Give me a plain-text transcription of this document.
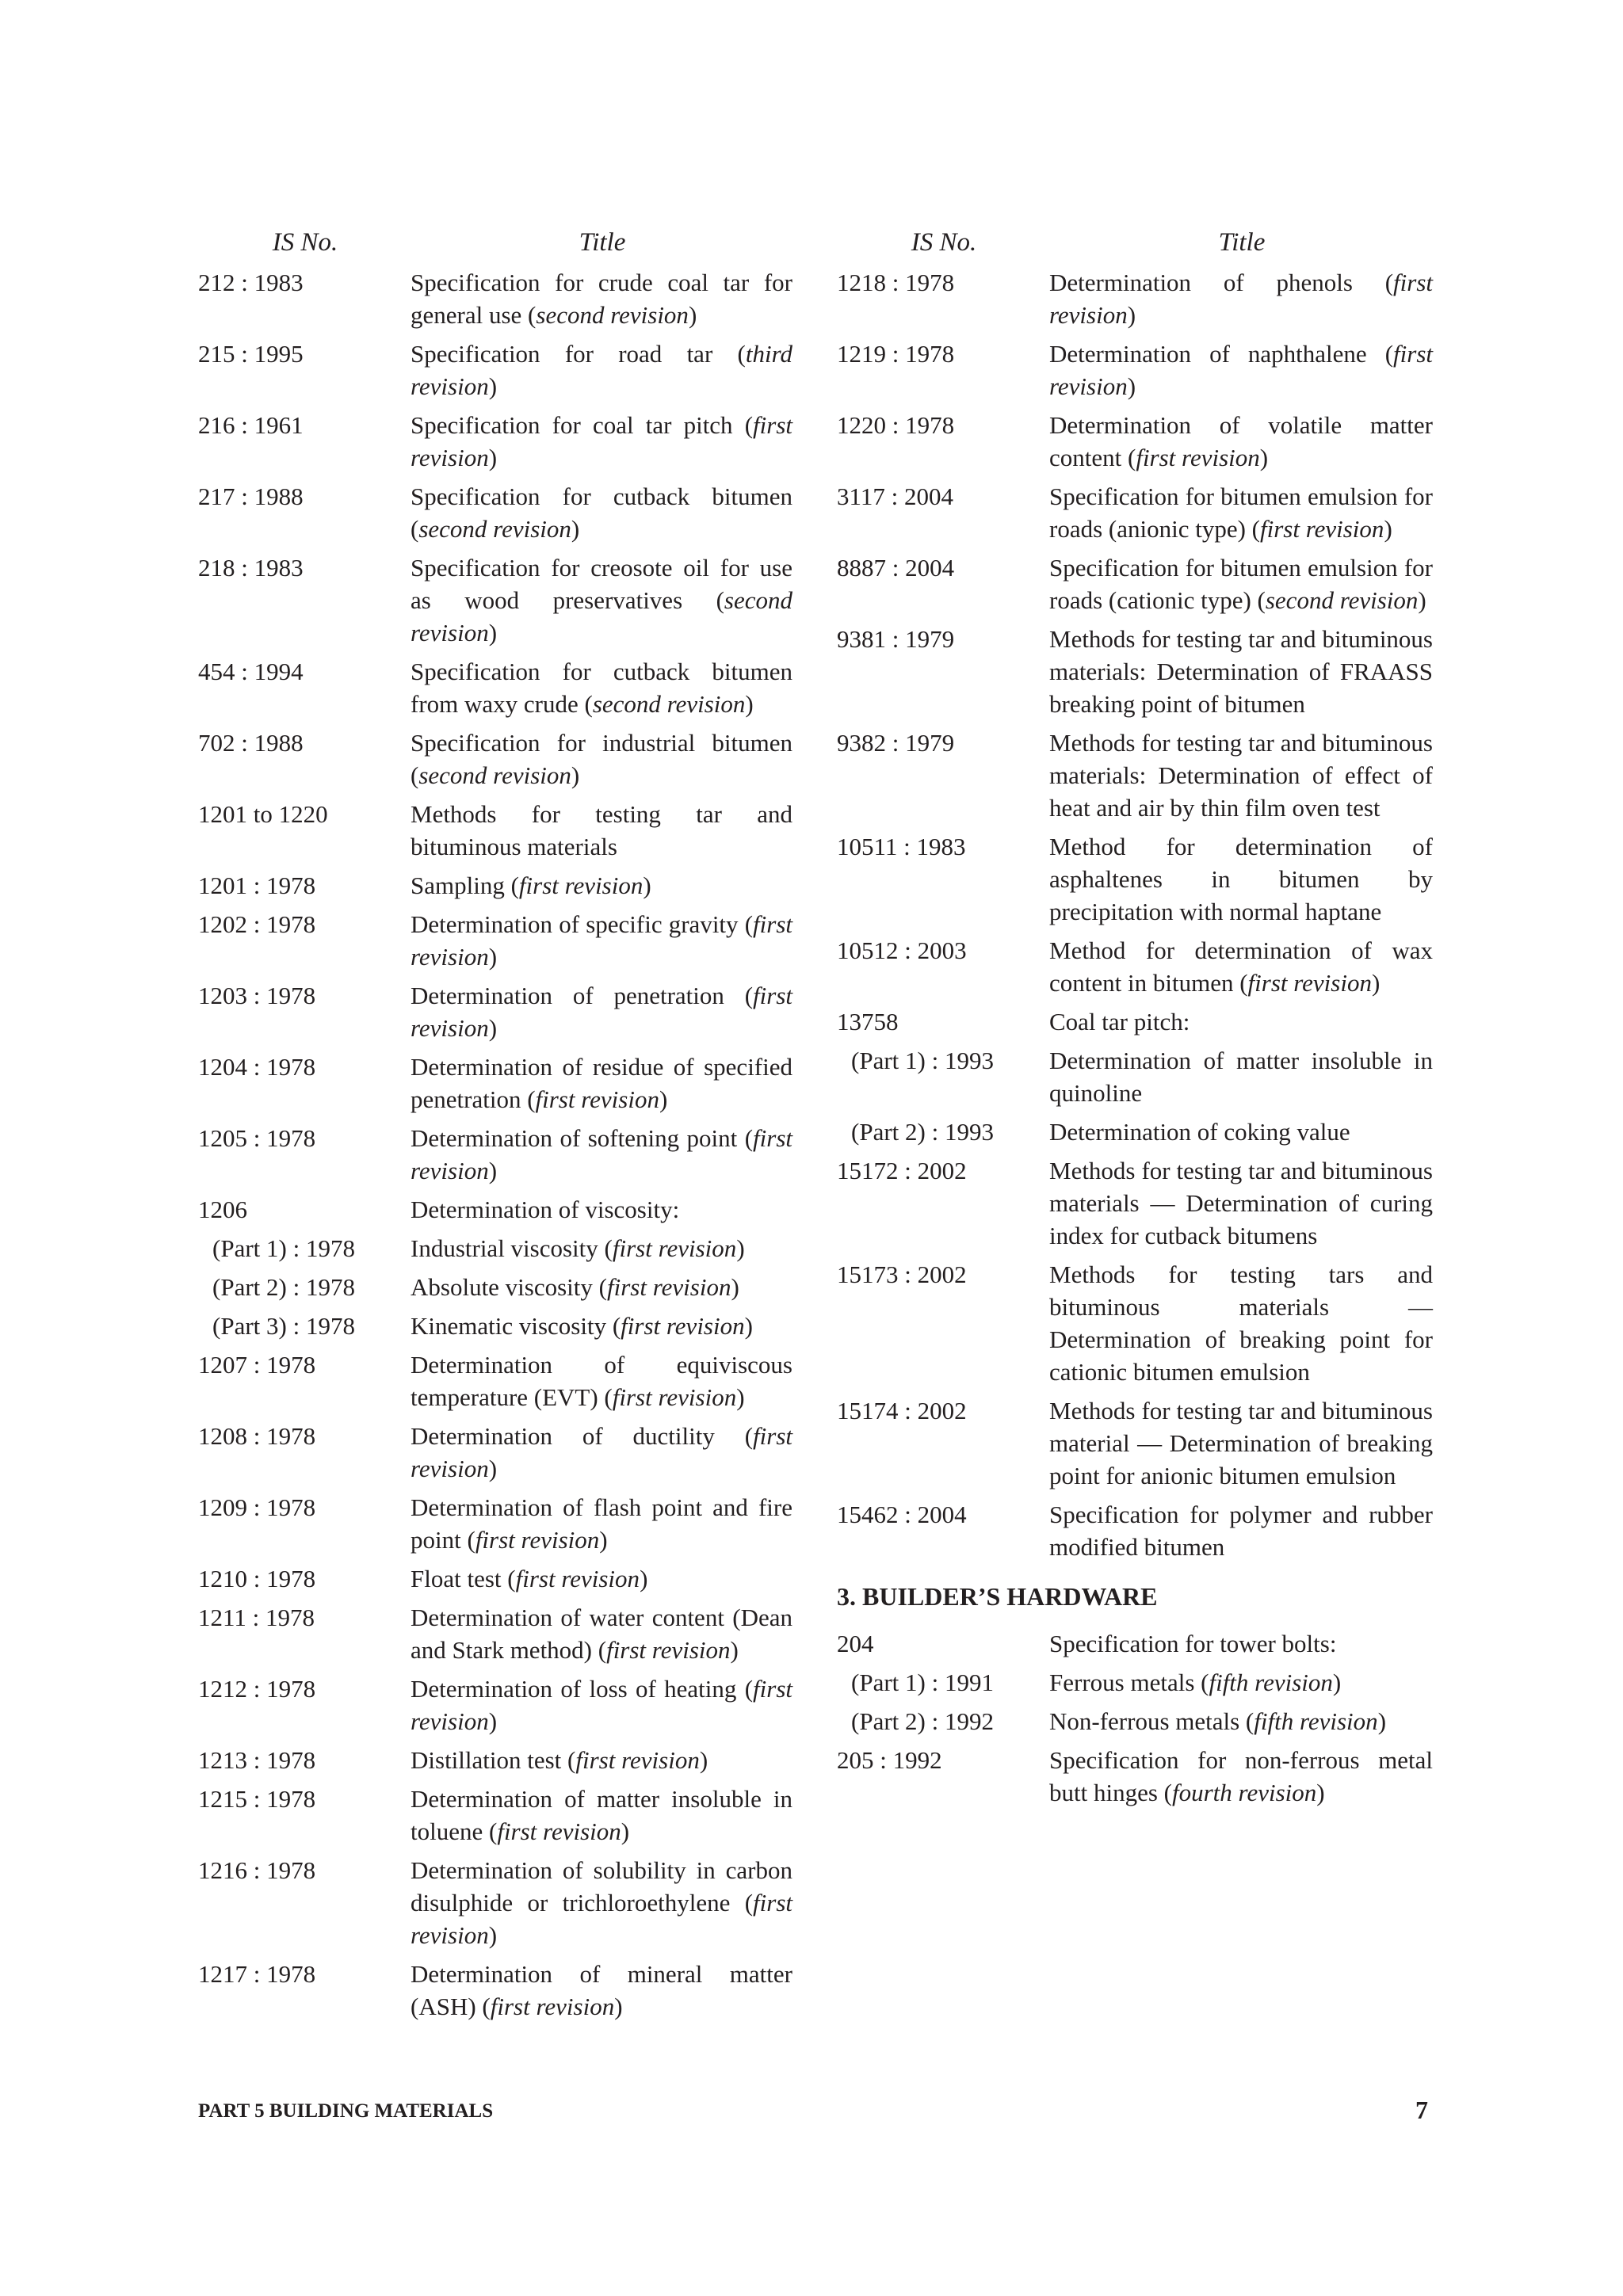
IS No.	Title
212 : 1983	Specification for crude coal tar for general use (second revision)
215 : 1995	Specification for road tar (third revision)
216 : 1961	Specification for coal tar pitch (first revision)
217 : 1988	Specification for cutback bitumen (second revision)
218 : 1983	Specification for creosote oil for use as wood preservatives (second revision)
454 : 1994	Specification for cutback bitumen from waxy crude (second revision)
702 : 1988	Specification for industrial bitumen (second revision)
1201 to 1220	Methods for testing tar and bituminous materials
1201 : 1978	Sampling (first revision)
1202 : 1978	Determination of specific gravity (first revision)
1203 : 1978	Determination of penetration (first revision)
1204 : 1978	Determination of residue of specified penetration (first revision)
1205 : 1978	Determination of softening point (first revision)
1206	Determination of viscosity:
(Part 1) : 1978	Industrial viscosity (first revision)
(Part 2) : 1978	Absolute viscosity (first revision)
(Part 3) : 1978	Kinematic viscosity (first revision)
1207 : 1978	Determination of equiviscous temperature (EVT) (first revision)
1208 : 1978	Determination of ductility (first revision)
1209 : 1978	Determination of flash point and fire point (first revision)
1210 : 1978	Float test (first revision)
1211 : 1978	Determination of water content (Dean and Stark method) (first revision)
1212 : 1978	Determination of loss of heating (first revision)
1213 : 1978	Distillation test (first revision)
1215 : 1978	Determination of matter insoluble in toluene (first revision)
1216 : 1978	Determination of solubility in carbon disulphide or trichloroethylene (first revision)
1217 : 1978	Determination of mineral matter (ASH) (first revision)
IS No.	Title
1218 : 1978	Determination of phenols (first revision)
1219 : 1978	Determination of naphthalene (first revision)
1220 : 1978	Determination of volatile matter content (first revision)
3117 : 2004	Specification for bitumen emulsion for roads (anionic type) (first revision)
8887 : 2004	Specification for bitumen emulsion for roads (cationic type) (second revision)
9381 : 1979	Methods for testing tar and bituminous materials: Determination of FRAASS breaking point of bitumen
9382 : 1979	Methods for testing tar and bituminous materials: Determination of effect of heat and air by thin film oven test
10511 : 1983	Method for determination of asphaltenes in bitumen by precipitation with normal haptane
10512 : 2003	Method for determination of wax content in bitumen (first revision)
13758	Coal tar pitch:
(Part 1) : 1993	Determination of matter insoluble in quinoline
(Part 2) : 1993	Determination of coking value
15172 : 2002	Methods for testing tar and bituminous materials — Determination of curing index for cutback bitumens
15173 : 2002	Methods for testing tars and bituminous materials — Determination of breaking point for cationic bitumen emulsion
15174 : 2002	Methods for testing tar and bituminous material — Determination of breaking point for anionic bitumen emulsion
15462 : 2004	Specification for polymer and rubber modified bitumen
3. BUILDER’S HARDWARE
204	Specification for tower bolts:
(Part 1) : 1991	Ferrous metals (fifth revision)
(Part 2) : 1992	Non-ferrous metals (fifth revision)
205 : 1992	Specification for non-ferrous metal butt hinges (fourth revision)
PART 5 BUILDING MATERIALS	7
